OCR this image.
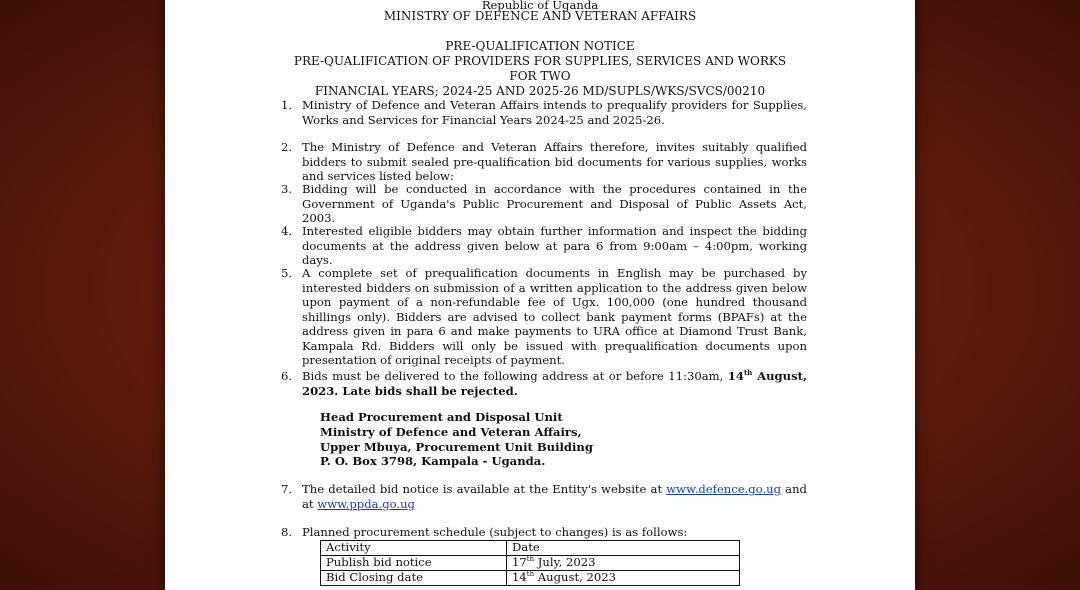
Republic of Uganda
MINISTRY OF DEFENCE AND VETERAN AFFAIRS
PRE-QUALIFICATION NOTICE
PRE-QUALIFICATION OF PROVIDERS FOR SUPPLIES, SERVICES AND WORKS FOR TWO
FINANCIAL YEARS; 2024-25 AND 2025-26 MD/SUPLS/WKS/SVCS/00210
1. Ministry of Defence and Veteran Affairs intends to prequalify providers for Supplies, Works and Services for Financial Years 2024-25 and 2025-26.
2. The Ministry of Defence and Veteran Affairs therefore, invites suitably qualified bidders to submit sealed pre-qualification bid documents for various supplies, works and services listed below:
3. Bidding will be conducted in accordance with the procedures contained in the Government of Uganda's Public Procurement and Disposal of Public Assets Act, 2003.
4. Interested eligible bidders may obtain further information and inspect the bidding documents at the address given below at para 6 from 9:00am – 4:00pm, working days.
5. A complete set of prequalification documents in English may be purchased by interested bidders on submission of a written application to the address given below upon payment of a non-refundable fee of Ugx. 100,000 (one hundred thousand shillings only). Bidders are advised to collect bank payment forms (BPAFs) at the address given in para 6 and make payments to URA office at Diamond Trust Bank, Kampala Rd. Bidders will only be issued with prequalification documents upon presentation of original receipts of payment.
6. Bids must be delivered to the following address at or before 11:30am, 14th August, 2023. Late bids shall be rejected.
Head Procurement and Disposal Unit
Ministry of Defence and Veteran Affairs,
Upper Mbuya, Procurement Unit Building
P. O. Box 3798, Kampala - Uganda.
7. The detailed bid notice is available at the Entity's website at www.defence.go.ug and at www.ppda.go.ug
8. Planned procurement schedule (subject to changes) is as follows:
Activity	Date
Publish bid notice	17th July, 2023
Bid Closing date	14th August, 2023
